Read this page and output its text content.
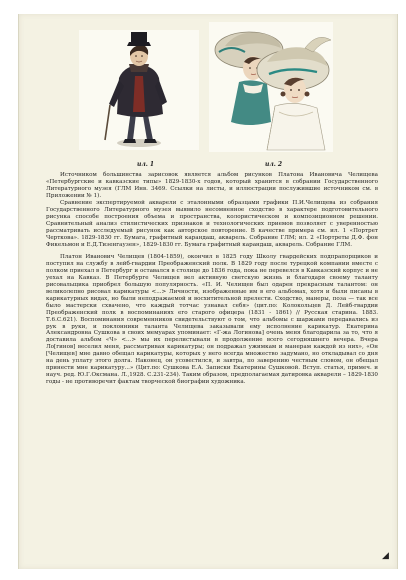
ил. 1	ил. 2

Источником большинства зарисовок является альбом рисунков Платона Ивановича Челищева «Петербургские и кавказские типы» 1829-1830-х годов, который хранится в собрании Государственного Литературного музея (ГЛМ Инв. 3469. Ссылки на листы, и иллюстрации послужившие источником см. в Приложении № 1).

Сравнение экспертируемой акварели с эталонными образцами графики П.И.Челищева из собрания Государственного Литературного музея выявило несомненное сходство в характере подготовительного рисунка способе построения объема и пространства, колористическом и композиционном решении. Сравнительный анализ стилистических признаков и технологических приемов позволяет с уверенностью рассматривать исследуемый рисунок как авторское повторение. В качестве примера см. ил. 1 «Портрет Черткова». 1829-1830 гг. Бумага, графитный карандаш, акварель. Собрание ГЛМ; ил. 2 «Портреты Д.Ф. фон Фикельмон и Е.Д.Тизенгаузен», 1829-1830 гг. Бумага графитный карандаш, акварель. Собрание ГЛМ.

Платон Иванович Челищев (1804-1859), окончил в 1825 году Школу гвардейских подпрапорщиков и поступил на службу в лейб-гвардии Преображенский полк. В 1829 году после турецкой компании вместе с полком приехал в Петербург и оставался в столице до 1836 года, пока не перевелся в Кавказский корпус и не уехал на Кавказ. В Петербурге Челищев вел активную светскую жизнь и благодаря своему таланту рисовальщика приобрел большую популярность. «П. И. Челищев был одарен прекрасным талантом: он великолепно рисовал карикатуры <...> Личности, изображенные им в его альбомах, хотя и были писаны в карикатурных видах, но были неподражаемой и восхитительной прелести. Сходство, манеры, поза — так все было мастерски схвачено, что каждый тотчас узнавал себя» (цит.по: Колокольцев Д. Лейб-гвардии Преображенский полк в воспоминаниях его старого офицера (1831 - 1861) // Русская старина. 1883. Т.6.С.621). Воспоминания современников свидетельствуют о том, что альбомы с шаржами передавались из рук в руки, и поклонники таланта Челищева заказывали ему исполнение карикатур. Екатерина Александровна Сушкова в своих мемуарах упоминает: «Г-жа Логинова] очень меня благодарила за то, что я доставила альбом «Ч» <...> мы их перелистывали в продолжение всего сегодняшнего вечера. Вчера Ло[гинов] веселил меня, рассматривая карикатуры; он подражал ужимкам и манерам каждой из них», «Он [Челищев] мне давно обещал карикатуры, которых у него всегда множество задумано, но откладывал со дня на день уплату этого долга. Наконец, он усовестился, и завтра, по заверению честным словом, он обещал принести мне карикатуру...» (Цит.по: Сушкова Е.А. Записки Екатерины Сушковой. Вступ. статья, примеч. и науч. ред. Ю.Г.Оксмана. Л.,1928. С.231-234). Таким образом, предполагаемая датировка акварели – 1829-1830 годы - не противоречит фактам творческой биографии художника.

◢
